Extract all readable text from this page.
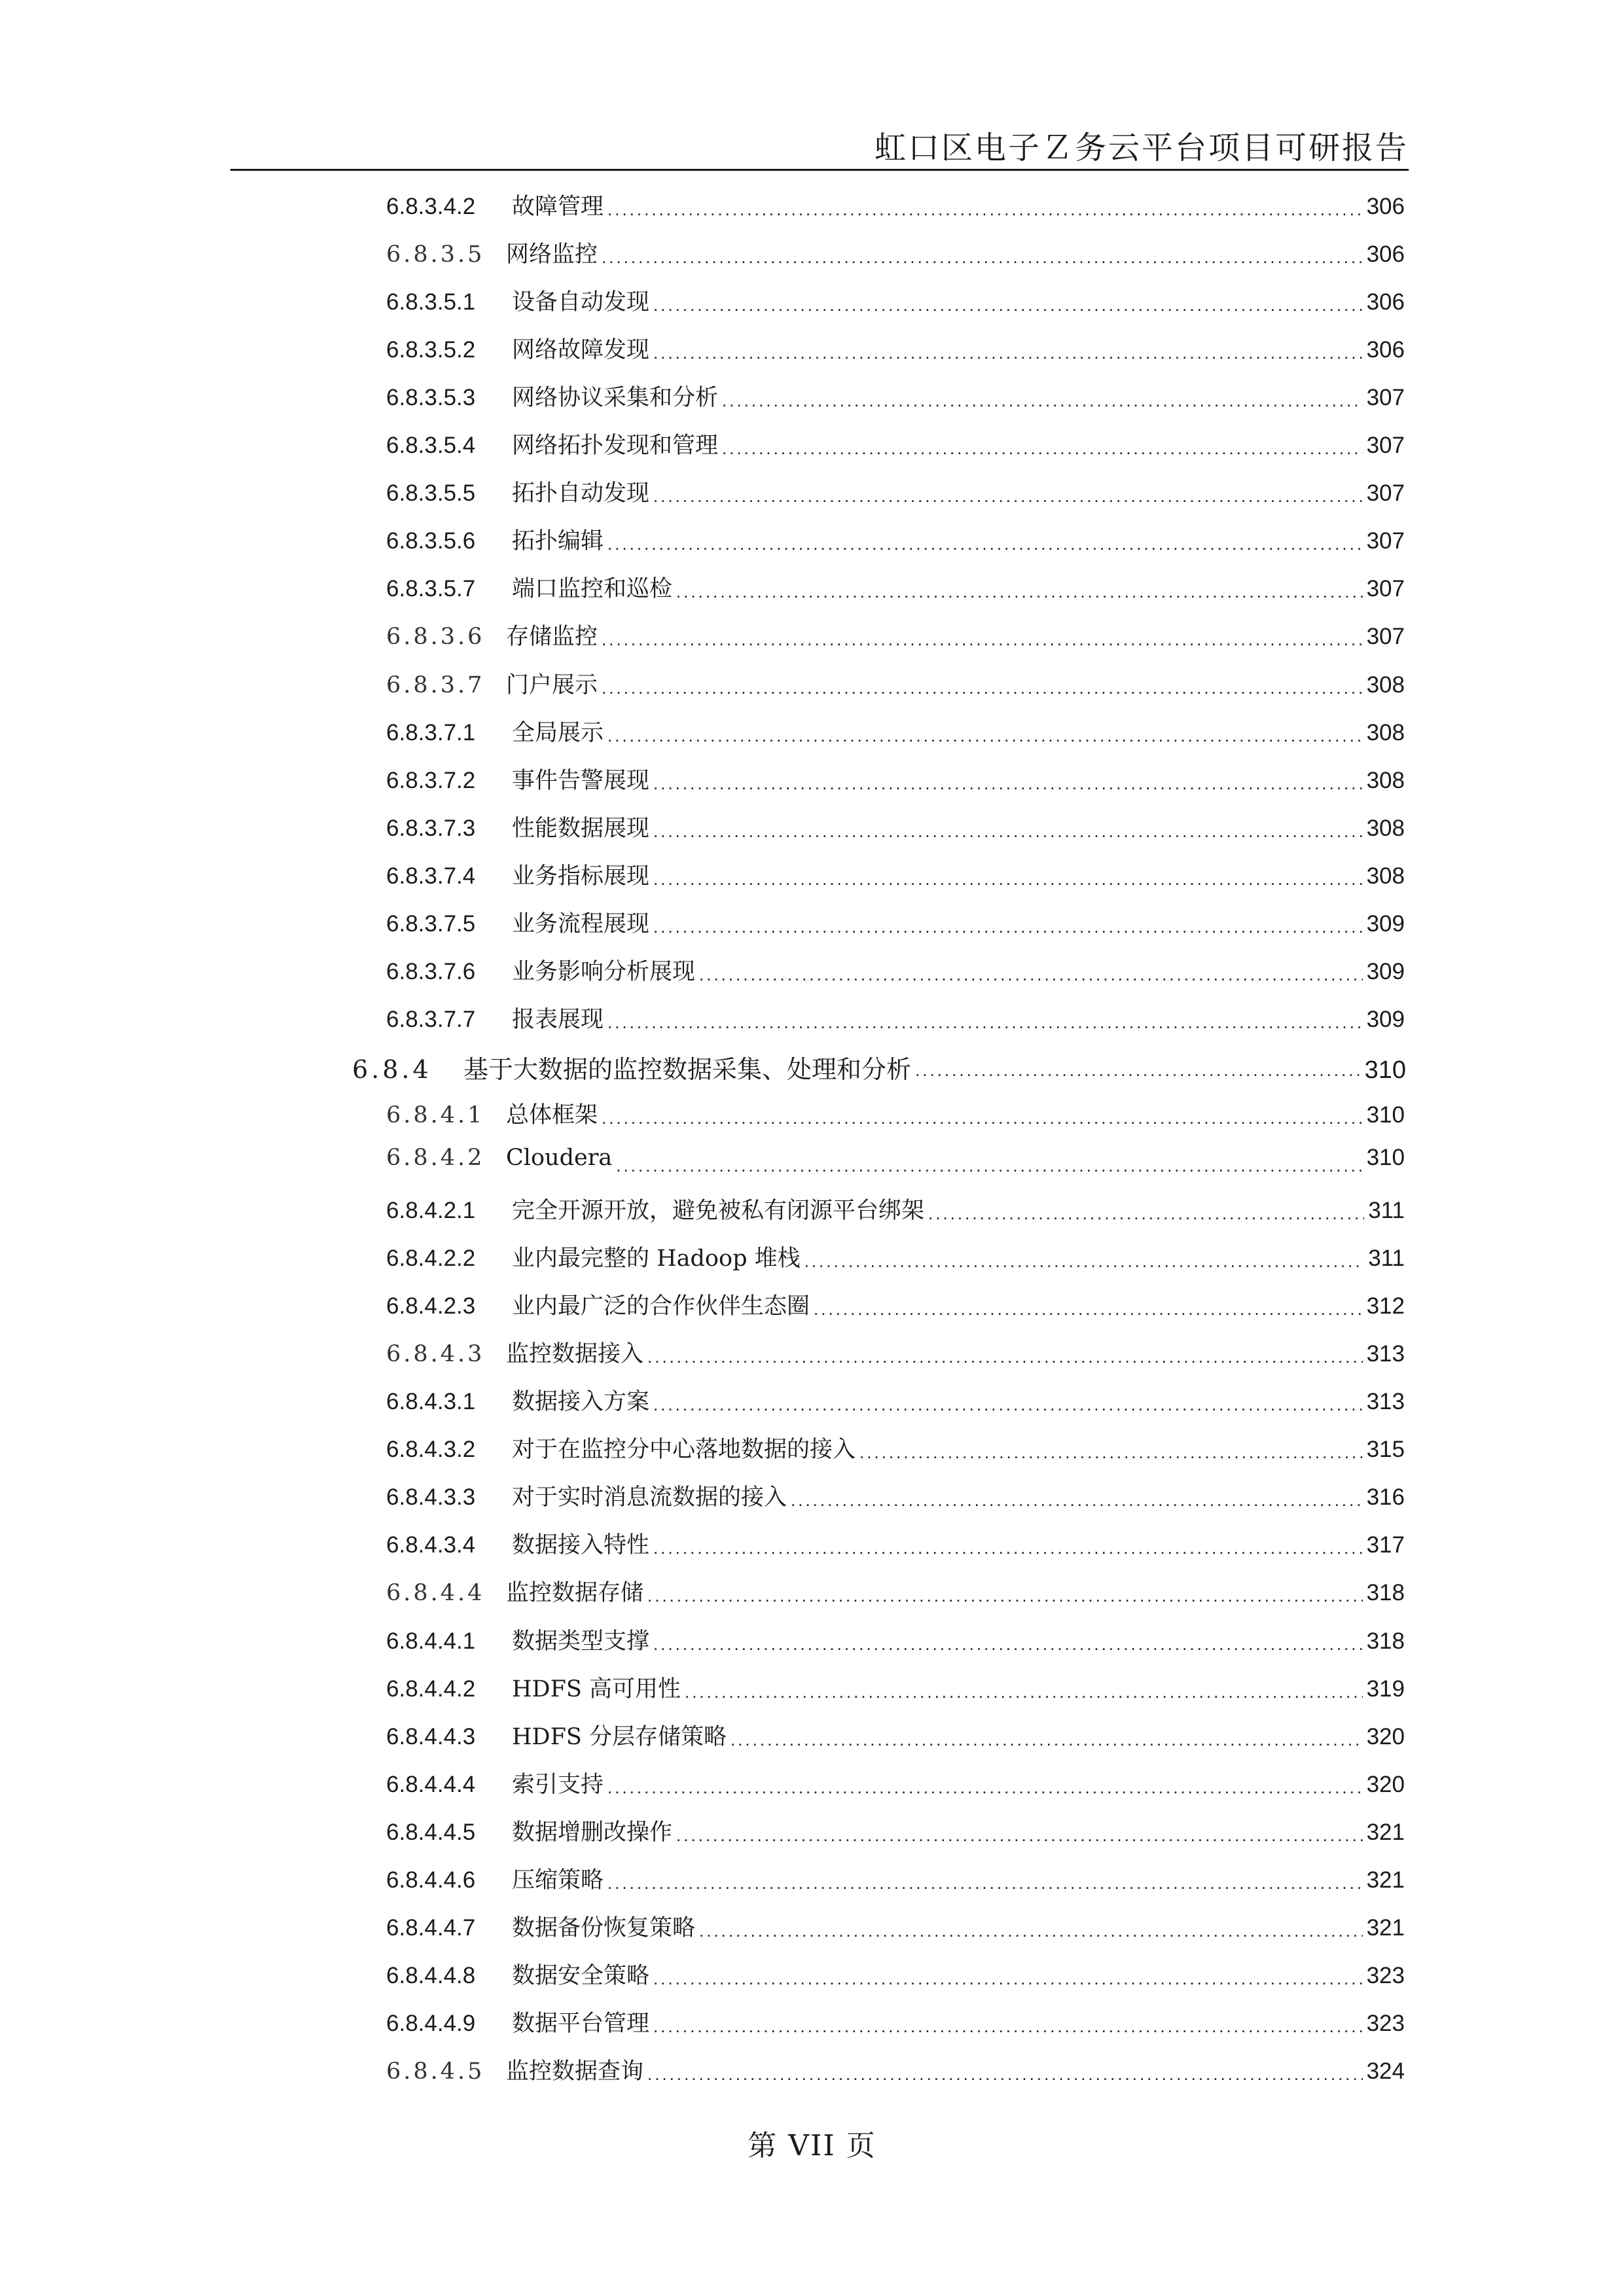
虹口区电子Ｚ务云平台项目可研报告
6.8.3.4.2	故障管理 .....	306
6.8.3.5 网络监控 .....	306
6.8.3.5.1	设备自动发现 .....	306
6.8.3.5.2	网络故障发现 .....	306
6.8.3.5.3	网络协议采集和分析 .....	307
6.8.3.5.4	网络拓扑发现和管理 .....	307
6.8.3.5.5	拓扑自动发现 .....	307
6.8.3.5.6	拓扑编辑 .....	307
6.8.3.5.7	端口监控和巡检 .....	307
6.8.3.6 存储监控 .....	307
6.8.3.7 门户展示 .....	308
6.8.3.7.1	全局展示 .....	308
6.8.3.7.2	事件告警展现 .....	308
6.8.3.7.3	性能数据展现 .....	308
6.8.3.7.4	业务指标展现 .....	308
6.8.3.7.5	业务流程展现 .....	309
6.8.3.7.6	业务影响分析展现 .....	309
6.8.3.7.7	报表展现 .....	309
6.8.4	基于大数据的监控数据采集、处理和分析 .....	310
6.8.4.1 总体框架 .....	310
6.8.4.2 Cloudera .....	310
6.8.4.2.1	完全开源开放，避免被私有闭源平台绑架 .....	311
6.8.4.2.2	业内最完整的 Hadoop 堆栈 .....	311
6.8.4.2.3	业内最广泛的合作伙伴生态圈 .....	312
6.8.4.3 监控数据接入 .....	313
6.8.4.3.1	数据接入方案 .....	313
6.8.4.3.2	对于在监控分中心落地数据的接入 .....	315
6.8.4.3.3	对于实时消息流数据的接入 .....	316
6.8.4.3.4	数据接入特性 .....	317
6.8.4.4 监控数据存储 .....	318
6.8.4.4.1	数据类型支撑 .....	318
6.8.4.4.2	HDFS 高可用性 .....	319
6.8.4.4.3	HDFS 分层存储策略 .....	320
6.8.4.4.4	索引支持 .....	320
6.8.4.4.5	数据增删改操作 .....	321
6.8.4.4.6	压缩策略 .....	321
6.8.4.4.7	数据备份恢复策略 .....	321
6.8.4.4.8	数据安全策略 .....	323
6.8.4.4.9	数据平台管理 .....	323
6.8.4.5 监控数据查询 .....	324
第 VII 页
